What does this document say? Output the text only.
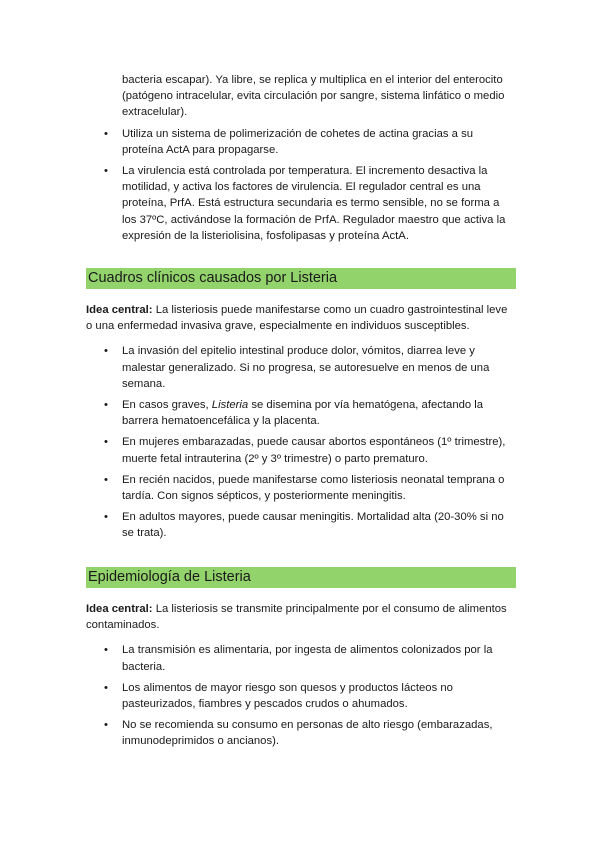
bacteria escapar). Ya libre, se replica y multiplica en el interior del enterocito (patógeno intracelular, evita circulación por sangre, sistema linfático o medio extracelular).
• Utiliza un sistema de polimerización de cohetes de actina gracias a su proteína ActA para propagarse.
• La virulencia está controlada por temperatura. El incremento desactiva la motilidad, y activa los factores de virulencia. El regulador central es una proteína, PrfA. Está estructura secundaria es termo sensible, no se forma a los 37ºC, activándose la formación de PrfA. Regulador maestro que activa la expresión de la listeriolisina, fosfolipasas y proteína ActA.
Cuadros clínicos causados por Listeria
Idea central: La listeriosis puede manifestarse como un cuadro gastrointestinal leve o una enfermedad invasiva grave, especialmente en individuos susceptibles.
• La invasión del epitelio intestinal produce dolor, vómitos, diarrea leve y malestar generalizado. Si no progresa, se autoresuelve en menos de una semana.
• En casos graves, Listeria se disemina por vía hematógena, afectando la barrera hematoencefálica y la placenta.
• En mujeres embarazadas, puede causar abortos espontáneos (1º trimestre), muerte fetal intrauterina (2º y 3º trimestre) o parto prematuro.
• En recién nacidos, puede manifestarse como listeriosis neonatal temprana o tardía. Con signos sépticos, y posteriormente meningitis.
• En adultos mayores, puede causar meningitis. Mortalidad alta (20-30% si no se trata).
Epidemiología de Listeria
Idea central: La listeriosis se transmite principalmente por el consumo de alimentos contaminados.
• La transmisión es alimentaria, por ingesta de alimentos colonizados por la bacteria.
• Los alimentos de mayor riesgo son quesos y productos lácteos no pasteurizados, fiambres y pescados crudos o ahumados.
• No se recomienda su consumo en personas de alto riesgo (embarazadas, inmunodeprimidos o ancianos).
